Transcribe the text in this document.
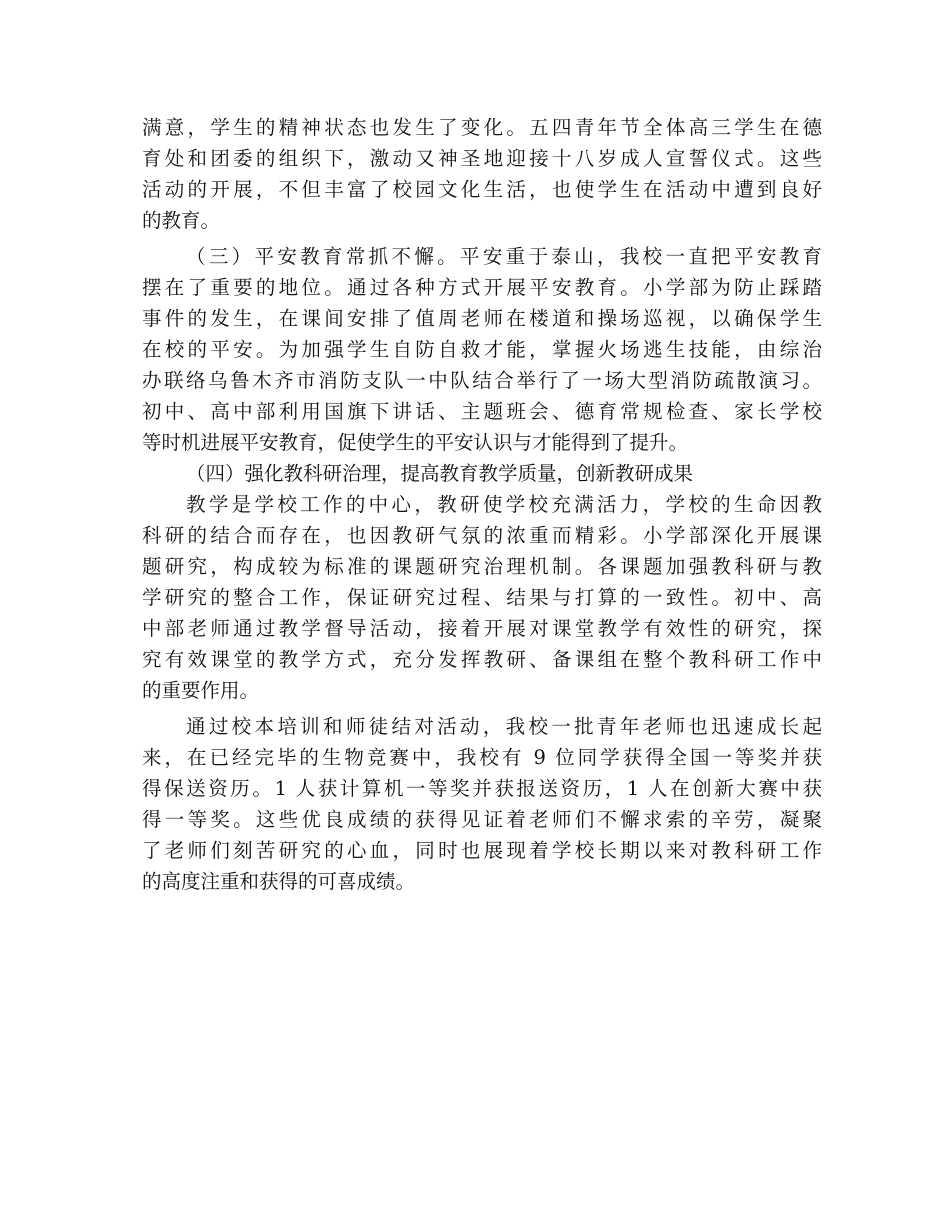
满意，学生的精神状态也发生了变化。五四青年节全体高三学生在德
育处和团委的组织下，激动又神圣地迎接十八岁成人宣誓仪式。这些
活动的开展，不但丰富了校园文化生活，也使学生在活动中遭到良好
的教育。
（三）平安教育常抓不懈。平安重于泰山，我校一直把平安教育
摆在了重要的地位。通过各种方式开展平安教育。小学部为防止踩踏
事件的发生，在课间安排了值周老师在楼道和操场巡视，以确保学生
在校的平安。为加强学生自防自救才能，掌握火场逃生技能，由综治
办联络乌鲁木齐市消防支队一中队结合举行了一场大型消防疏散演习。
初中、高中部利用国旗下讲话、主题班会、德育常规检查、家长学校
等时机进展平安教育，促使学生的平安认识与才能得到了提升。
（四）强化教科研治理，提高教育教学质量，创新教研成果
教学是学校工作的中心，教研使学校充满活力，学校的生命因教
科研的结合而存在，也因教研气氛的浓重而精彩。小学部深化开展课
题研究，构成较为标准的课题研究治理机制。各课题加强教科研与教
学研究的整合工作，保证研究过程、结果与打算的一致性。初中、高
中部老师通过教学督导活动，接着开展对课堂教学有效性的研究，探
究有效课堂的教学方式，充分发挥教研、备课组在整个教科研工作中
的重要作用。
通过校本培训和师徒结对活动，我校一批青年老师也迅速成长起
来，在已经完毕的生物竞赛中，我校有 9 位同学获得全国一等奖并获
得保送资历。1 人获计算机一等奖并获报送资历，1 人在创新大赛中获
得一等奖。这些优良成绩的获得见证着老师们不懈求索的辛劳，凝聚
了老师们刻苦研究的心血，同时也展现着学校长期以来对教科研工作
的高度注重和获得的可喜成绩。
